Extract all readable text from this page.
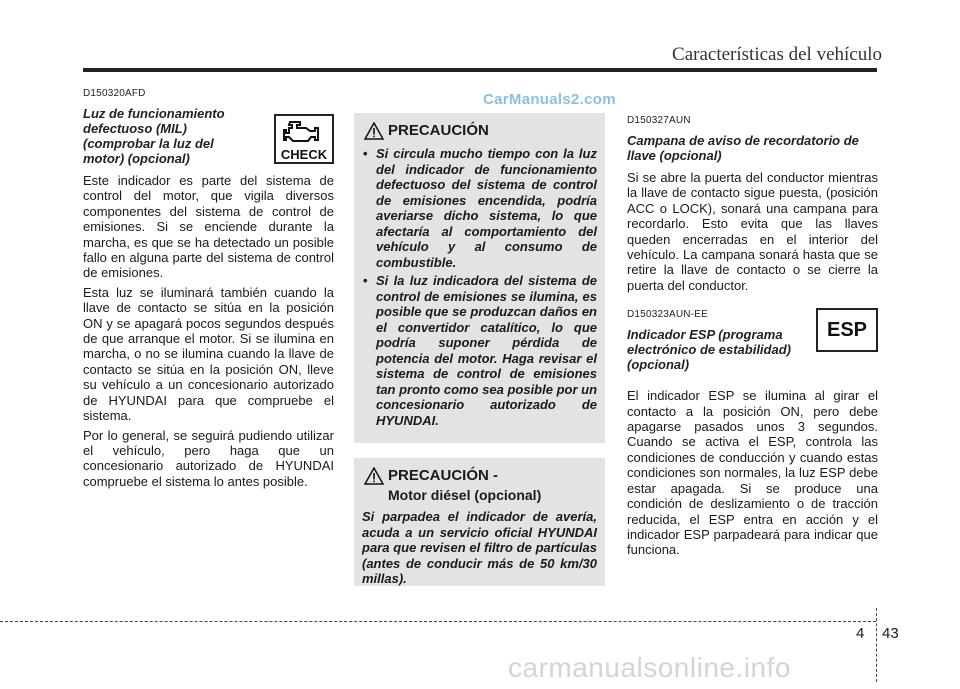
Características del vehículo
D150320AFD
Luz de funcionamiento defectuoso (MIL) (comprobar la luz del motor) (opcional)	CHECK

Este indicador es parte del sistema de control del motor, que vigila diversos componentes del sistema de control de emisiones. Si se enciende durante la marcha, es que se ha detectado un posible fallo en alguna parte del sistema de control de emisiones.

Esta luz se iluminará también cuando la llave de contacto se sitúa en la posición ON y se apagará pocos segundos después de que arranque el motor. Si se ilumina en marcha, o no se ilumina cuando la llave de contacto se sitúa en la posición ON, lleve su vehículo a un concesionario autorizado de HYUNDAI para que compruebe el sistema.

Por lo general, se seguirá pudiendo utilizar el vehículo, pero haga que un concesionario autorizado de HYUNDAI compruebe el sistema lo antes posible.

PRECAUCIÓN
• Si circula mucho tiempo con la luz del indicador de funcionamiento defectuoso del sistema de control de emisiones encendida, podría averiarse dicho sistema, lo que afectaría al comportamiento del vehículo y al consumo de combustible.
• Si la luz indicadora del sistema de control de emisiones se ilumina, es posible que se produzcan daños en el convertidor catalítico, lo que podría suponer pérdida de potencia del motor. Haga revisar el sistema de control de emisiones tan pronto como sea posible por un concesionario autorizado de HYUNDAI.
PRECAUCIÓN -
Motor diésel (opcional)
Si parpadea el indicador de avería, acuda a un servicio oficial HYUNDAI para que revisen el filtro de partículas (antes de conducir más de 50 km/30 millas).
CarManuals2.com
D150327AUN
Campana de aviso de recordatorio de llave (opcional)

Si se abre la puerta del conductor mientras la llave de contacto sigue puesta, (posición ACC o LOCK), sonará una campana para recordarlo. Esto evita que las llaves queden encerradas en el interior del vehículo. La campana sonará hasta que se retire la llave de contacto o se cierre la puerta del conductor.

D150323AUN-EE
Indicador ESP (programa electrónico de estabilidad) (opcional)
ESP

El indicador ESP se ilumina al girar el contacto a la posición ON, pero debe apagarse pasados unos 3 segundos. Cuando se activa el ESP, controla las condiciones de conducción y cuando estas condiciones son normales, la luz ESP debe estar apagada. Si se produce una condición de deslizamiento o de tracción reducida, el ESP entra en acción y el indicador ESP parpadeará para indicar que funciona.

4 43
carmanualsonline.info
